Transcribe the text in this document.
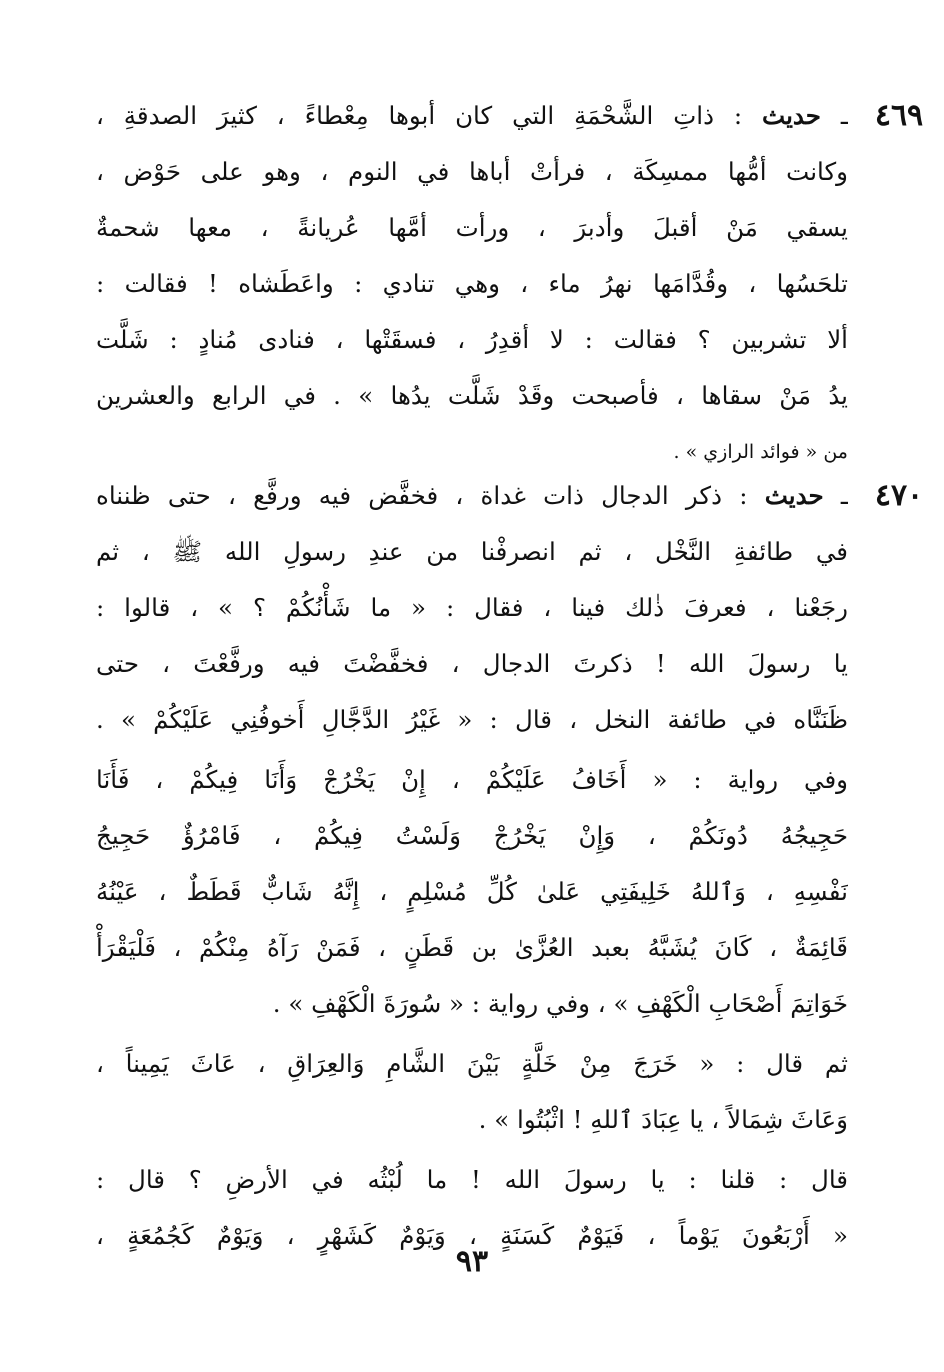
٤٦٩
ـ حديث : ذاتِ الشَّحْمَةِ التي كان أبوها مِعْطاءً ، كثيرَ الصدقةِ ،
وكانت أمُّها ممسِكَة ، فرأتْ أباها في النوم ، وهو على حَوْض ،
يسقي مَنْ أقبلَ وأدبرَ ، ورأت أمَّها عُريانةً ، معها شحمةٌ
تلحَسُها ، وقُدَّامَها نهرُ ماء ، وهي تنادي : واعَطَشاه ! فقالت :
ألا تشربين ؟ فقالت : لا أقدِرُ ، فسقَتْها ، فنادى مُنادٍ : شَلَّت
يدُ مَنْ سقاها ، فأصبحت وقَدْ شَلَّت يدُها » . في الرابع والعشرين
من « فوائد الرازي » .
٤٧٠
ـ حديث : ذكر الدجال ذات غداة ، فخفَّض فيه ورفَّع ، حتى ظنناه
في طائفةِ النَّخْل ، ثم انصرفْنا من عندِ رسولِ الله ﷺ ، ثم
رجَعْنا ، فعرفَ ذٰلك فينا ، فقال : « ما شَأْنُكُمْ ؟ » ، قالوا :
يا رسولَ الله ! ذكرتَ الدجال ، فخفَّضْتَ فيه ورفَّعْتَ ، حتى
ظَنَنَّاه في طائفة النخل ، قال : « غَيْرُ الدَّجَّالِ أَخوفُنِي عَلَيْكُمْ » .
وفي رواية : « أَخَافُ عَلَيْكُمْ ، إِنْ يَخْرُجْ وَأَنَا فِيكُمْ ، فَأَنَا
حَجِيجُهُ دُونَكُمْ ، وَإِنْ يَخْرُجْ وَلَسْتُ فِيكُمْ ، فَامْرُؤٌ حَجِيجُ
نَفْسِهِ ، وَٱللهُ خَلِيفَتِي عَلىٰ كُلِّ مُسْلِمٍ ، إِنَّهُ شَابٌّ قَطَطٌ ، عَيْنُهُ
قَائِمَةٌ ، كَانَ يُشَبَّهُ بعبد العُزَّىٰ بن قَطَنٍ ، فَمَنْ رَآهُ مِنْكُمْ ، فَلْيَقْرَأْ
خَوَاتِمَ أَصْحَابِ الْكَهْفِ » ، وفي رواية : « سُورَةَ الْكَهْفِ » .
ثم قال : « خَرَجَ مِنْ خَلَّةٍ بَيْنَ الشَّامِ وَالعِرَاقِ ، عَاثَ يَمِيناً ،
وَعَاثَ شِمَالاً ، يا عِبَادَ ٱللهِ ! اثْبُتُوا » .
قال : قلنا : يا رسولَ الله ! ما لُبْثُه في الأرضِ ؟ قال :
« أَرْبَعُونَ يَوْماً ، فَيَوْمٌ كَسَنَةٍ ، وَيَوْمٌ كَشَهْرٍ ، وَيَوْمٌ كَجُمُعَةٍ ،
٩٣
